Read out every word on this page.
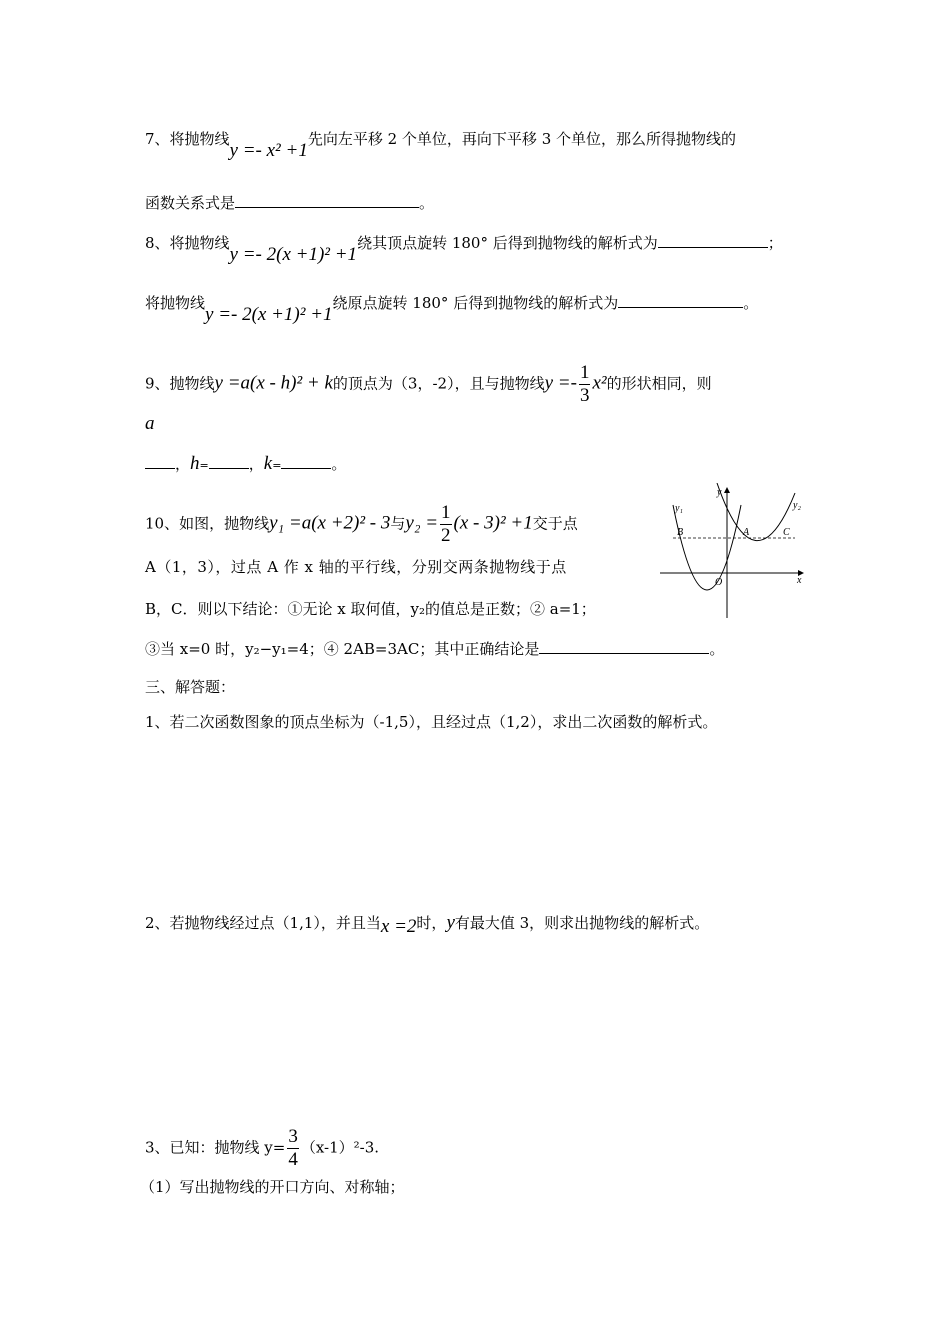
7、将抛物线y =- x² +1先向左平移 2 个单位，再向下平移 3 个单位，那么所得抛物线的
函数关系式是	。
8、将抛物线y =- 2(x +1)² +1绕其顶点旋转 180° 后得到抛物线的解析式为	；
将抛物线y =- 2(x +1)² +1绕原点旋转 180° 后得到抛物线的解析式为	。
9、抛物线y =a(x - h)² + k的顶点为（3，-2），且与抛物线$y =- \frac{1}{3} x^2$的形状相同，则
a
，h=	，k=	。
10、如图，抛物线y₁ =a(x +2)² - 3与$y_2 = \frac{1}{2} (x - 3)^2 +1$交于点
A（1，3），过点 A 作 x 轴的平行线，分别交两条抛物线于点
B，C．则以下结论：①无论 x 取何值，y₂的值总是正数；② a=1；
③当 x=0 时，y₂−y₁=4；④ 2AB=3AC；其中正确结论是	。
y₁	y₂
y
x
O
A
B	C
三、解答题：
1、若二次函数图象的顶点坐标为（-1,5），且经过点（1,2），求出二次函数的解析式。
2、若抛物线经过点（1,1），并且当x =2时，y有最大值 3，则求出抛物线的解析式。
3、已知：抛物线 $y= \frac{3}{4} (x-1)^2-3$.
（1）写出抛物线的开口方向、对称轴；
